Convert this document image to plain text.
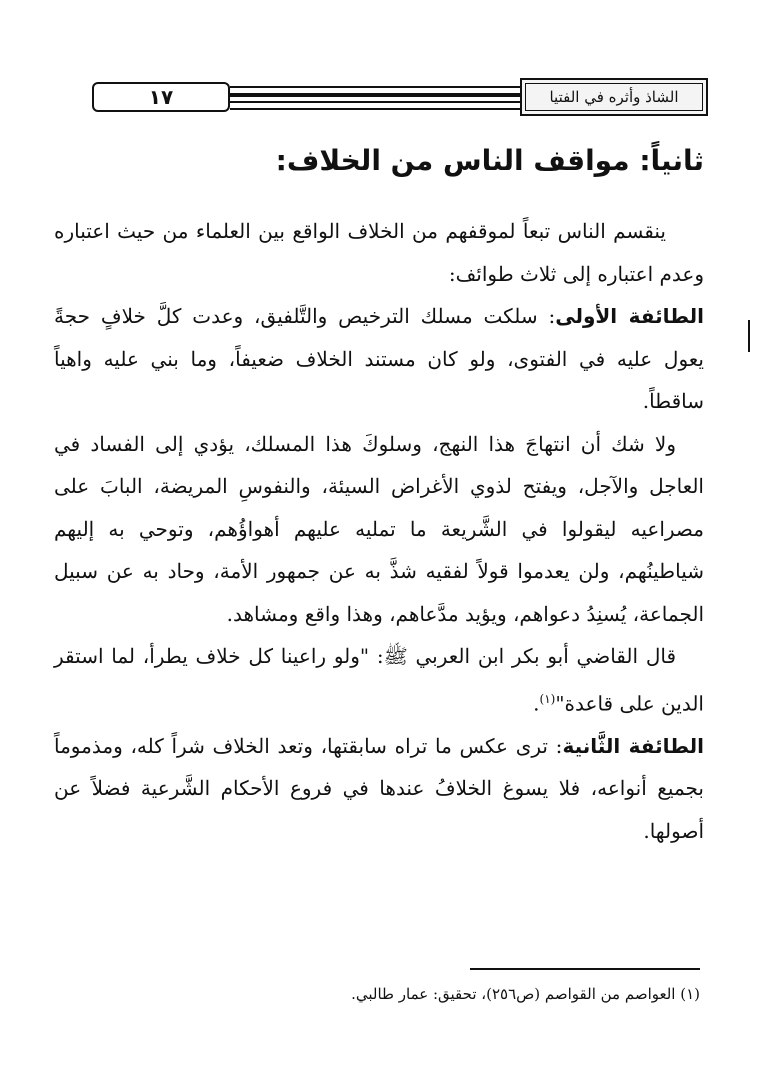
١٧	الشاذ وأثره في الفتيا
ثانياً: مواقف الناس من الخلاف:

ينقسم الناس تبعاً لموقفهم من الخلاف الواقع بين العلماء من حيث اعتباره وعدم اعتباره إلى ثلاث طوائف:

الطائفة الأولى: سلكت مسلك الترخيص والتَّلفيق، وعدت كلَّ خلافٍ حجةً يعول عليه في الفتوى، ولو كان مستند الخلاف ضعيفاً، وما بني عليه واهياً ساقطاً.

ولا شك أن انتهاجَ هذا النهج، وسلوكَ هذا المسلك، يؤدي إلى الفساد في العاجل والآجل، ويفتح لذوي الأغراض السيئة، والنفوسِ المريضة، البابَ على مصراعيه ليقولوا في الشَّريعة ما تمليه عليهم أهواؤُهم، وتوحي به إليهم شياطينُهم، ولن يعدموا قولاً لفقيه شذَّ به عن جمهور الأمة، وحاد به عن سبيل الجماعة، يُسنِدُ دعواهم، ويؤيد مدَّعاهم، وهذا واقع ومشاهد.

قال القاضي أبو بكر ابن العربي ﷺ: "ولو راعينا كل خلاف يطرأ، لما استقر الدين على قاعدة"$^{(١)}$.

الطائفة الثَّانية: ترى عكس ما تراه سابقتها، وتعد الخلاف شراً كله، ومذموماً بجميع أنواعه، فلا يسوغ الخلافُ عندها في فروع الأحكام الشَّرعية فضلاً عن أصولها.

(١) العواصم من القواصم (ص٢٥٦)، تحقيق: عمار طالبي.
